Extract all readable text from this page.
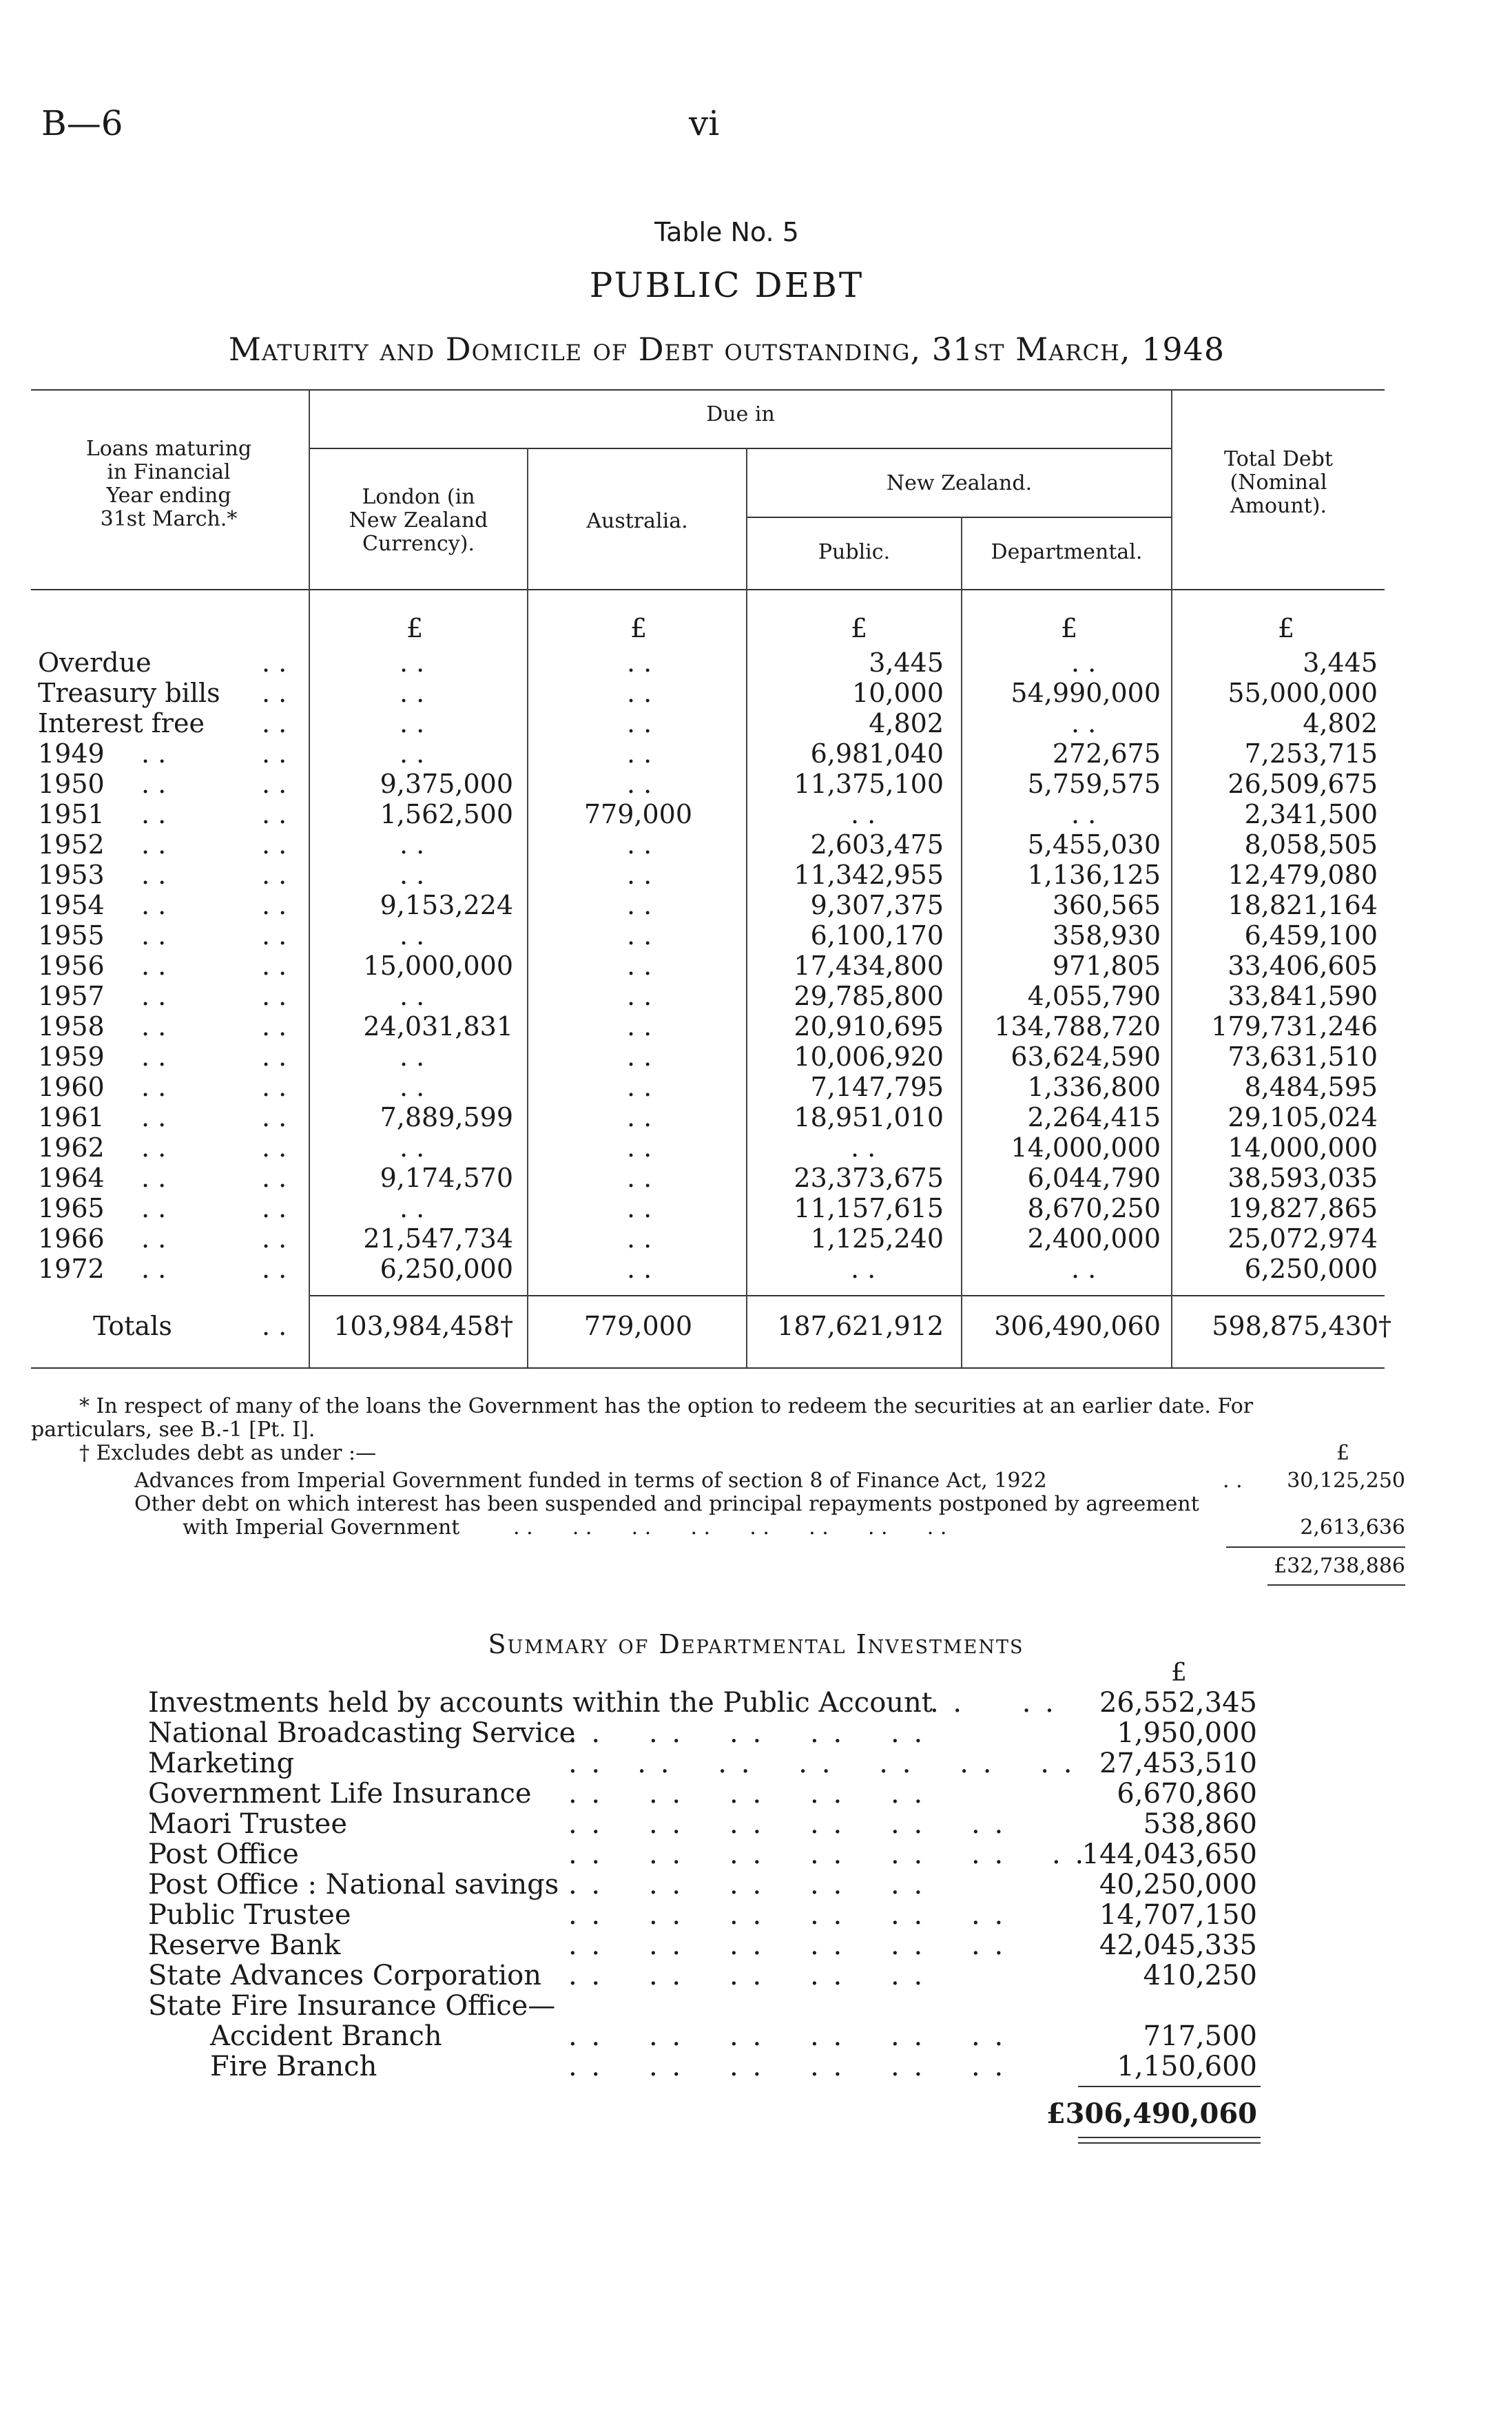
B—6	vi
Table No. 5
PUBLIC DEBT
Maturity and Domicile of Debt outstanding, 31st March, 1948
Loans maturing
in Financial
Year ending
31st March.*
Due in
London (in
New Zealand
Currency).
Australia.
New Zealand.
Public.	Departmental.
Total Debt
(Nominal
Amount).
£	£	£	£	£
Overdue	. .	. .	. .	3,445	. .	3,445
Treasury bills . .	. .	. .	10,000	54,990,000	55,000,000
Interest free . .	. .	. .	4,802	. .	4,802
1949 . .	. .	. .	. .	6,981,040	272,675	7,253,715
1950 . .	. .	9,375,000	. .	11,375,100	5,759,575	26,509,675
1951 . .	. .	1,562,500	779,000	. .	. .	2,341,500
1952 . .	. .	. .	. .	2,603,475	5,455,030	8,058,505
1953 . .	. .	. .	. .	11,342,955	1,136,125	12,479,080
1954 . .	. .	9,153,224	. .	9,307,375	360,565	18,821,164
1955 . .	. .	. .	. .	6,100,170	358,930	6,459,100
1956 . .	. .	15,000,000	. .	17,434,800	971,805	33,406,605
1957 . .	. .	. .	. .	29,785,800	4,055,790	33,841,590
1958 . .	. .	24,031,831	. .	20,910,695 134,788,720 179,731,246
1959 . .	. .	. .	. .	10,006,920	63,624,590	73,631,510
1960 . .	. .	. .	. .	7,147,795	1,336,800	8,484,595
1961 . .	. .	7,889,599	. .	18,951,010	2,264,415	29,105,024
1962 . .	. .	. .	. .	. .	14,000,000	14,000,000
1964 . .	. .	9,174,570	. .	23,373,675	6,044,790	38,593,035
1965 . .	. .	. .	. .	11,157,615	8,670,250	19,827,865
1966 . .	. .	21,547,734	. .	1,125,240	2,400,000	25,072,974
1972 . .	. .	6,250,000	. .	. .	. .	6,250,000
Totals	. . 103,984,458†	779,000	187,621,912 306,490,060 598,875,430†
* In respect of many of the loans the Government has the option to redeem the securities at an earlier date. For
particulars, see B.-1 [Pt. I].
† Excludes debt as under :—	£
Advances from Imperial Government funded in terms of section 8 of Finance Act, 1922	. . 30,125,250
Other debt on which interest has been suspended and principal repayments postponed by agreement
with Imperial Government	. .      . .      . .      . .      . .      . .      . .      . .	2,613,636
£32,738,886
Summary of Departmental Investments
£
Investments held by accounts within the Public Account
. .     . . 26,552,345
National Broadcasting Service
. .    . .    . .    . .    . .	1,950,000
Marketing	. .   . .    . .    . .    . .    . .    . . 27,453,510
Government Life Insurance . .    . .    . .    . .    . .	6,670,860
Maori Trustee	. .    . .    . .    . .    . .    . .	538,860
Post Office	. .    . .    . .    . .    . .    . .    . .
144,043,650
Post Office : National savings . .    . .    . .    . .    . .	40,250,000
Public Trustee	. .    . .    . .    . .    . .    . .	14,707,150
Reserve Bank	. .    . .    . .    . .    . .    . .	42,045,335
State Advances Corporation . .    . .    . .    . .    . .	410,250
State Fire Insurance Office—
Accident Branch	. .    . .    . .    . .    . .    . .	717,500
Fire Branch	. .    . .    . .    . .    . .    . .	1,150,600
£306,490,060
